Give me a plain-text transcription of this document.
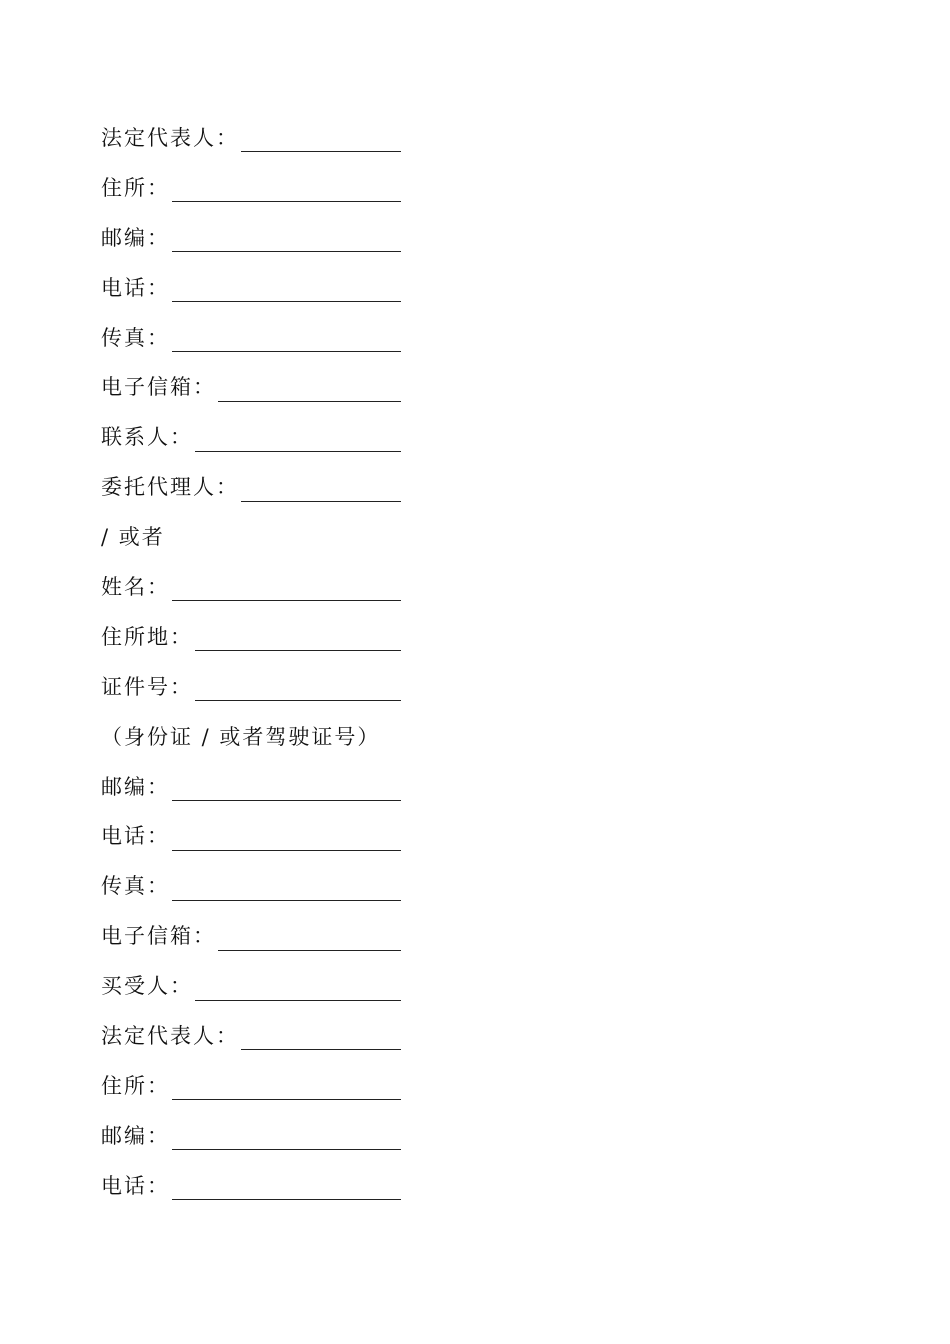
法定代表人：
住所：
邮编：
电话：
传真：
电子信箱：
联系人：
委托代理人：
/ 或者
姓名：
住所地：
证件号：
（身份证 / 或者驾驶证号）
邮编：
电话：
传真：
电子信箱：
买受人：
法定代表人：
住所：
邮编：
电话：
